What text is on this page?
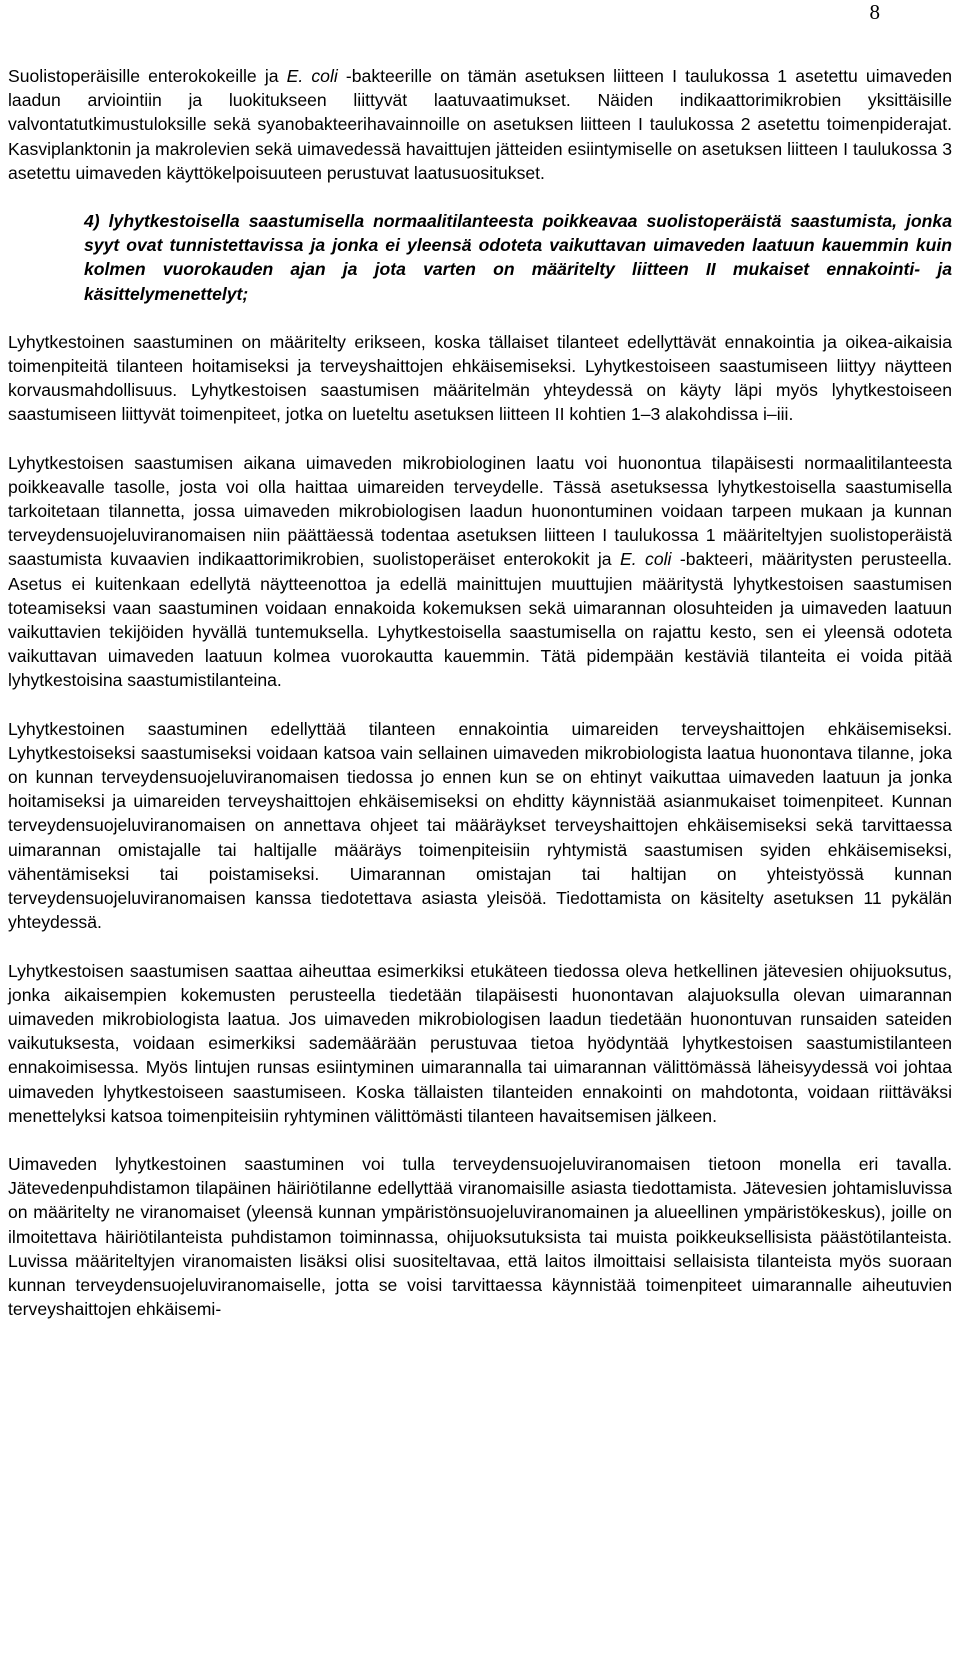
8

Suolistoperäisille enterokokeille ja E. coli -bakteerille on tämän asetuksen liitteen I taulukossa 1 asetettu uimaveden laadun arviointiin ja luokitukseen liittyvät laatuvaatimukset. Näiden indikaattorimikrobien yksittäisille valvontatutkimustuloksille sekä syanobakteerihavainnoille on asetuksen liitteen I taulukossa 2 asetettu toimenpiderajat. Kasviplanktonin ja makrolevien sekä uimavedessä havaittujen jätteiden esiintymiselle on asetuksen liitteen I taulukossa 3 asetettu uimaveden käyttökelpoisuuteen perustuvat laatusuositukset.

4) lyhytkestoisella saastumisella normaalitilanteesta poikkeavaa suolistoperäistä saastumista, jonka syyt ovat tunnistettavissa ja jonka ei yleensä odoteta vaikuttavan uimaveden laatuun kauemmin kuin kolmen vuorokauden ajan ja jota varten on määritelty liitteen II mukaiset ennakointi- ja käsittelymenettelyt;

Lyhytkestoinen saastuminen on määritelty erikseen, koska tällaiset tilanteet edellyttävät ennakointia ja oikea-aikaisia toimenpiteitä tilanteen hoitamiseksi ja terveyshaittojen ehkäisemiseksi. Lyhytkestoiseen saastumiseen liittyy näytteen korvausmahdollisuus. Lyhytkestoisen saastumisen määritelmän yhteydessä on käyty läpi myös lyhytkestoiseen saastumiseen liittyvät toimenpiteet, jotka on lueteltu asetuksen liitteen II kohtien 1–3 alakohdissa i–iii.

Lyhytkestoisen saastumisen aikana uimaveden mikrobiologinen laatu voi huonontua tilapäisesti normaalitilanteesta poikkeavalle tasolle, josta voi olla haittaa uimareiden terveydelle. Tässä asetuksessa lyhytkestoisella saastumisella tarkoitetaan tilannetta, jossa uimaveden mikrobiologisen laadun huonontuminen voidaan tarpeen mukaan ja kunnan terveydensuojeluviranomaisen niin päättäessä todentaa asetuksen liitteen I taulukossa 1 määriteltyjen suolistoperäistä saastumista kuvaavien indikaattorimikrobien, suolistoperäiset enterokokit ja E. coli -bakteeri, määritysten perusteella. Asetus ei kuitenkaan edellytä näytteenottoa ja edellä mainittujen muuttujien määritystä lyhytkestoisen saastumisen toteamiseksi vaan saastuminen voidaan ennakoida kokemuksen sekä uimarannan olosuhteiden ja uimaveden laatuun vaikuttavien tekijöiden hyvällä tuntemuksella. Lyhytkestoisella saastumisella on rajattu kesto, sen ei yleensä odoteta vaikuttavan uimaveden laatuun kolmea vuorokautta kauemmin. Tätä pidempään kestäviä tilanteita ei voida pitää lyhytkestoisina saastumistilanteina.

Lyhytkestoinen saastuminen edellyttää tilanteen ennakointia uimareiden terveyshaittojen ehkäisemiseksi. Lyhytkestoiseksi saastumiseksi voidaan katsoa vain sellainen uimaveden mikrobiologista laatua huonontava tilanne, joka on kunnan terveydensuojeluviranomaisen tiedossa jo ennen kun se on ehtinyt vaikuttaa uimaveden laatuun ja jonka hoitamiseksi ja uimareiden terveyshaittojen ehkäisemiseksi on ehditty käynnistää asianmukaiset toimenpiteet. Kunnan terveydensuojeluviranomaisen on annettava ohjeet tai määräykset terveyshaittojen ehkäisemiseksi sekä tarvittaessa uimarannan omistajalle tai haltijalle määräys toimenpiteisiin ryhtymistä saastumisen syiden ehkäisemiseksi, vähentämiseksi tai poistamiseksi. Uimarannan omistajan tai haltijan on yhteistyössä kunnan terveydensuojeluviranomaisen kanssa tiedotettava asiasta yleisöä. Tiedottamista on käsitelty asetuksen 11 pykälän yhteydessä.

Lyhytkestoisen saastumisen saattaa aiheuttaa esimerkiksi etukäteen tiedossa oleva hetkellinen jätevesien ohijuoksutus, jonka aikaisempien kokemusten perusteella tiedetään tilapäisesti huonontavan alajuoksulla olevan uimarannan uimaveden mikrobiologista laatua. Jos uimaveden mikrobiologisen laadun tiedetään huonontuvan runsaiden sateiden vaikutuksesta, voidaan esimerkiksi sademäärään perustuvaa tietoa hyödyntää lyhytkestoisen saastumistilanteen ennakoimisessa. Myös lintujen runsas esiintyminen uimarannalla tai uimarannan välittömässä läheisyydessä voi johtaa uimaveden lyhytkestoiseen saastumiseen. Koska tällaisten tilanteiden ennakointi on mahdotonta, voidaan riittäväksi menettelyksi katsoa toimenpiteisiin ryhtyminen välittömästi tilanteen havaitsemisen jälkeen.

Uimaveden lyhytkestoinen saastuminen voi tulla terveydensuojeluviranomaisen tietoon monella eri tavalla. Jätevedenpuhdistamon tilapäinen häiriötilanne edellyttää viranomaisille asiasta tiedottamista. Jätevesien johtamisluvissa on määritelty ne viranomaiset (yleensä kunnan ympäristönsuojeluviranomainen ja alueellinen ympäristökeskus), joille on ilmoitettava häiriötilanteista puhdistamon toiminnassa, ohijuoksutuksista tai muista poikkeuksellisista päästötilanteista. Luvissa määriteltyjen viranomaisten lisäksi olisi suositeltavaa, että laitos ilmoittaisi sellaisista tilanteista myös suoraan kunnan terveydensuojeluviranomaiselle, jotta se voisi tarvittaessa käynnistää toimenpiteet uimarannalle aiheutuvien terveyshaittojen ehkäisemi-
